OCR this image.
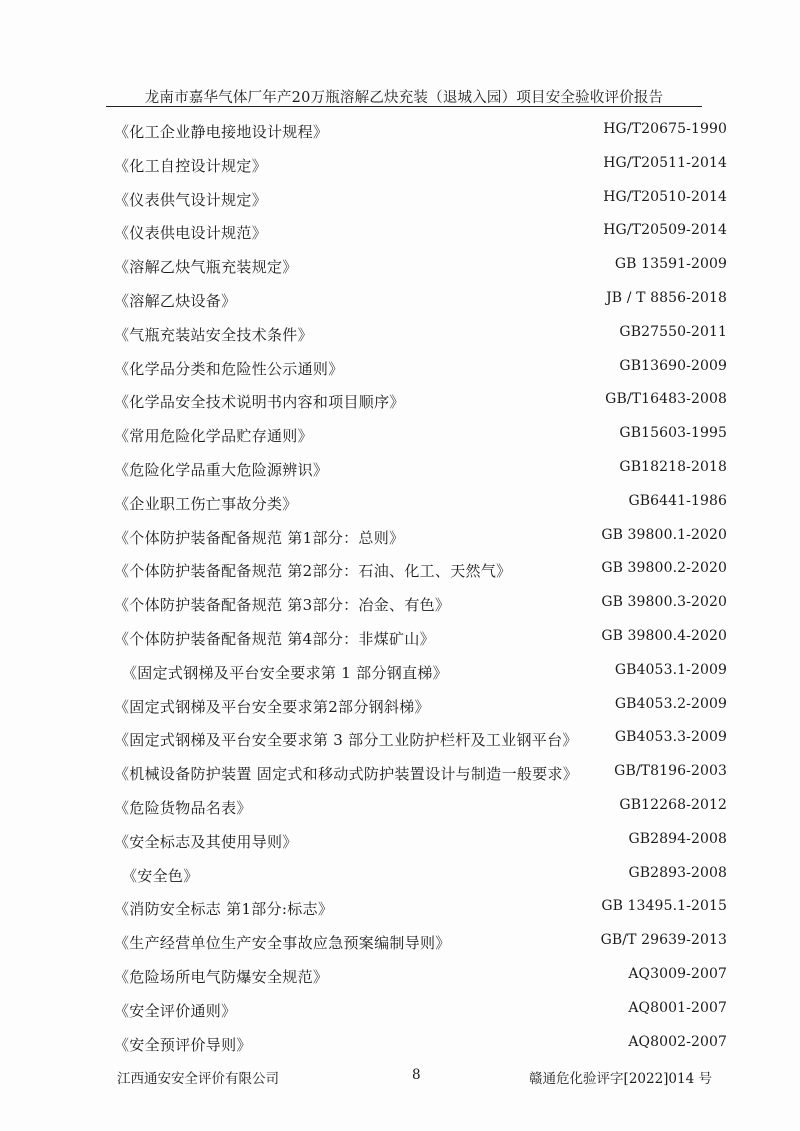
龙南市嘉华气体厂年产20万瓶溶解乙炔充装（退城入园）项目安全验收评价报告
《化工企业静电接地设计规程》	HG/T20675-1990
《化工自控设计规定》	HG/T20511-2014
《仪表供气设计规定》	HG/T20510-2014
《仪表供电设计规范》	HG/T20509-2014
《溶解乙炔气瓶充装规定》	GB 13591-2009
《溶解乙炔设备》	JB / T 8856-2018
《气瓶充装站安全技术条件》	GB27550-2011
《化学品分类和危险性公示通则》	GB13690-2009
《化学品安全技术说明书内容和项目顺序》	GB/T16483-2008
《常用危险化学品贮存通则》	GB15603-1995
《危险化学品重大危险源辨识》	GB18218-2018
《企业职工伤亡事故分类》	GB6441-1986
《个体防护装备配备规范 第1部分：总则》	GB 39800.1-2020
《个体防护装备配备规范 第2部分：石油、化工、天然气》	GB 39800.2-2020
《个体防护装备配备规范 第3部分：冶金、有色》	GB 39800.3-2020
《个体防护装备配备规范 第4部分：非煤矿山》	GB 39800.4-2020
《固定式钢梯及平台安全要求第 1 部分钢直梯》	GB4053.1-2009
《固定式钢梯及平台安全要求第2部分钢斜梯》	GB4053.2-2009
《固定式钢梯及平台安全要求第 3 部分工业防护栏杆及工业钢平台》	GB4053.3-2009
《机械设备防护装置 固定式和移动式防护装置设计与制造一般要求》	GB/T8196-2003
《危险货物品名表》	GB12268-2012
《安全标志及其使用导则》	GB2894-2008
《安全色》	GB2893-2008
《消防安全标志 第1部分:标志》	GB 13495.1-2015
《生产经营单位生产安全事故应急预案编制导则》	GB/T 29639-2013
《危险场所电气防爆安全规范》	AQ3009-2007
《安全评价通则》	AQ8001-2007
《安全预评价导则》	AQ8002-2007
江西通安安全评价有限公司	8	赣通危化验评字[2022]014 号
